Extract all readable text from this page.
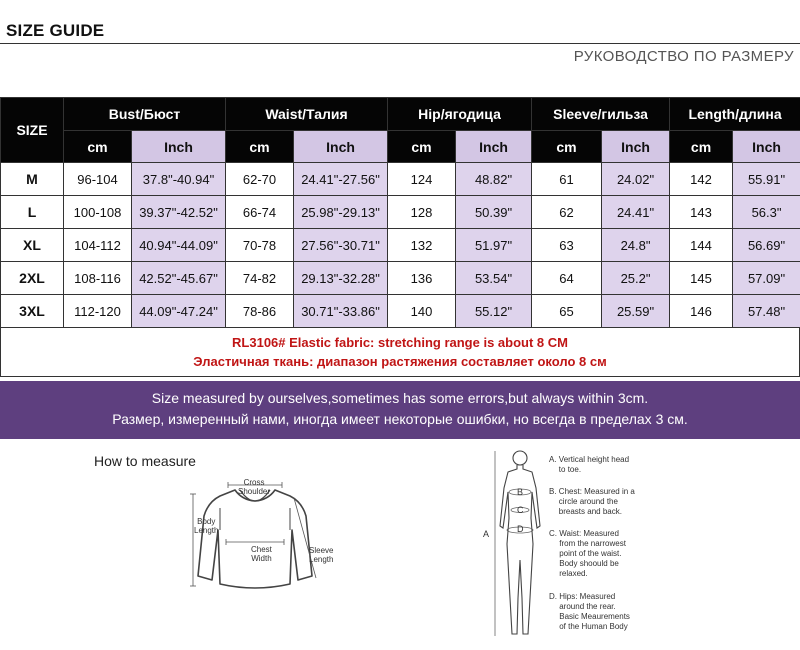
SIZE GUIDE
РУКОВОДСТВО ПО РАЗМЕРУ
SIZE	Bust/Бюст		Waist/Талия		Hip/ягодица		Sleeve/гильза		Length/длина	
	cm	Inch	cm	Inch	cm	Inch	cm	Inch	cm	Inch
M	96-104	37.8"-40.94"	62-70	24.41"-27.56"	124	48.82"	61	24.02"	142	55.91"
L	100-108	39.37"-42.52"	66-74	25.98"-29.13"	128	50.39"	62	24.41"	143	56.3"
XL	104-112	40.94"-44.09"	70-78	27.56"-30.71"	132	51.97"	63	24.8"	144	56.69"
2XL	108-116	42.52"-45.67"	74-82	29.13"-32.28"	136	53.54"	64	25.2"	145	57.09"
3XL	112-120	44.09"-47.24"	78-86	30.71"-33.86"	140	55.12"	65	25.59"	146	57.48"
RL3106# Elastic fabric: stretching range is about 8 CM
Эластичная ткань: диапазон растяжения составляет около 8 см
Size measured by ourselves,sometimes has some errors,but always within 3cm.
Размер, измеренный нами, иногда имеет некоторые ошибки, но всегда в пределах 3 см.
How to measure
Cross
Shoulder
Body
Length
Chest
Width
Sleeve
Length
A
B
C
D
A. Vertical height head
to toe.
B. Chest: Measured in a
circle around the
breasts and back.
C. Waist: Measured
from the narrowest
point of the waist.
Body shoould be
relaxed.
D. Hips: Measured
around the rear.
Basic Meaurements
of the Human Body
